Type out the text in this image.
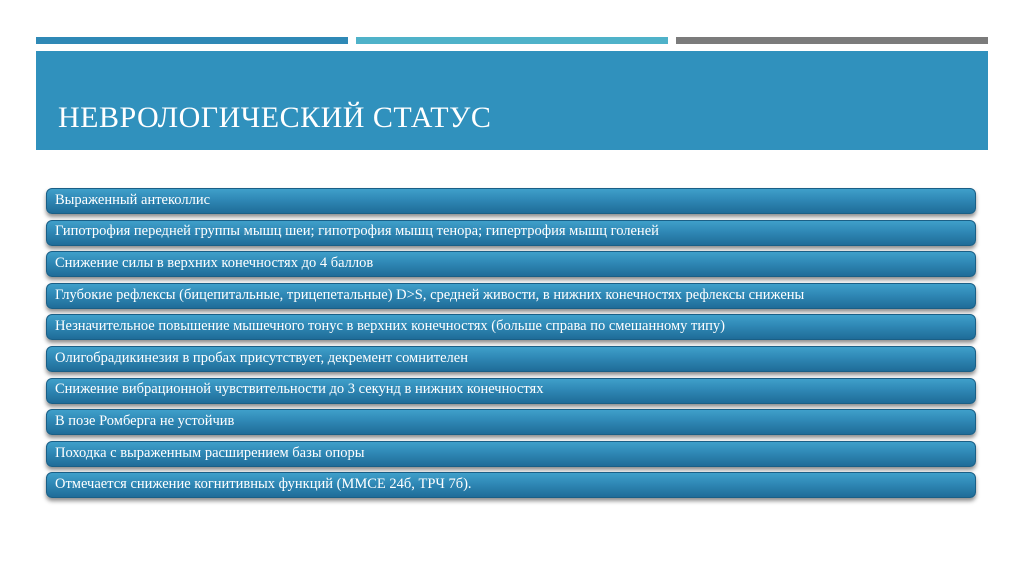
НЕВРОЛОГИЧЕСКИЙ СТАТУС
Выраженный антеколлис
Гипотрофия передней группы мышц шеи; гипотрофия мышц тенора; гипертрофия мышц голеней
Снижение силы в верхних конечностях до 4 баллов
Глубокие рефлексы (бицепитальные, трицепетальные) D>S, средней живости, в нижних конечностях рефлексы снижены
Незначительное повышение мышечного тонус в верхних конечностях (больше справа по смешанному типу)
Олигобрадикинезия в пробах присутствует, декремент сомнителен
Снижение вибрационной чувствительности до 3 секунд в нижних конечностях
В позе Ромберга не устойчив
Походка с выраженным расширением базы опоры
Отмечается снижение когнитивных функций (ММСЕ 24б, ТРЧ 7б).
